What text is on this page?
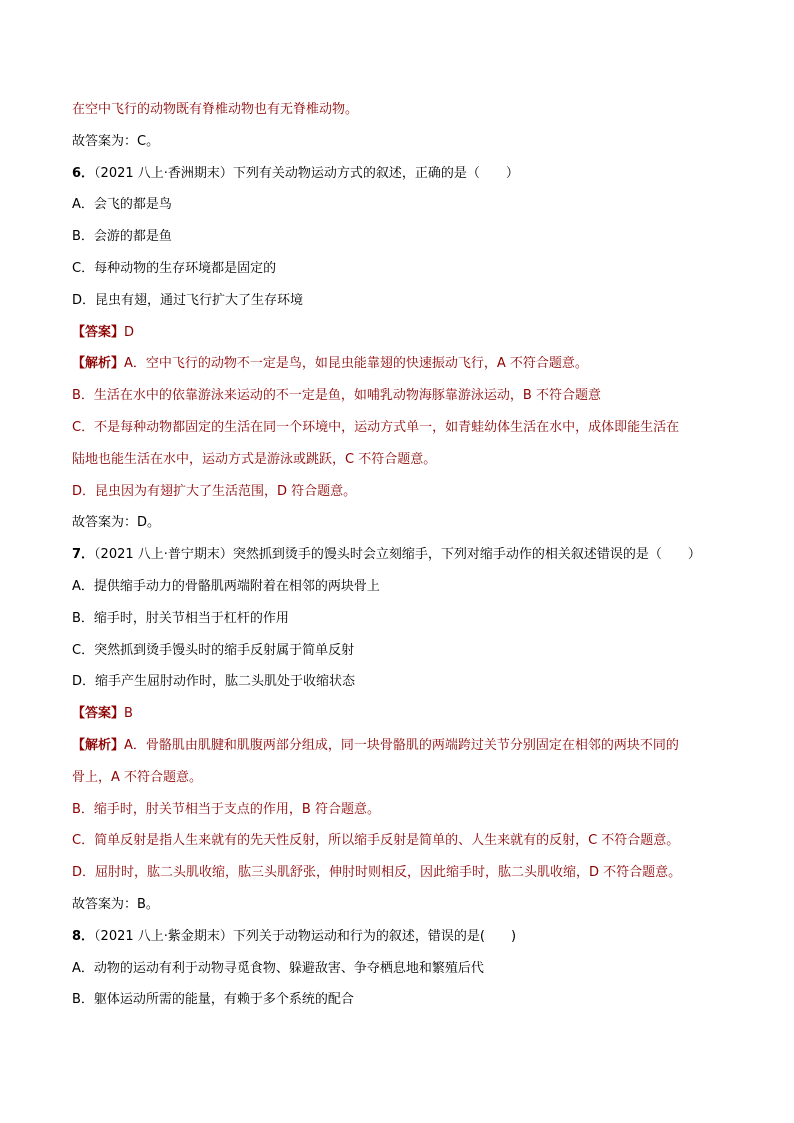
在空中飞行的动物既有脊椎动物也有无脊椎动物。
故答案为：C。
6．（2021 八上·香洲期末）下列有关动物运动方式的叙述，正确的是（　　）
A．会飞的都是鸟
B．会游的都是鱼
C．每种动物的生存环境都是固定的
D．昆虫有翅，通过飞行扩大了生存环境
【答案】D
【解析】A．空中飞行的动物不一定是鸟，如昆虫能靠翅的快速振动飞行，A 不符合题意。
B．生活在水中的依靠游泳来运动的不一定是鱼，如哺乳动物海豚靠游泳运动，B 不符合题意
C．不是每种动物都固定的生活在同一个环境中，运动方式单一，如青蛙幼体生活在水中，成体即能生活在
陆地也能生活在水中，运动方式是游泳或跳跃，C 不符合题意。
D．昆虫因为有翅扩大了生活范围，D 符合题意。
故答案为：D。
7．（2021 八上·普宁期末）突然抓到烫手的馒头时会立刻缩手，下列对缩手动作的相关叙述错误的是（　　）
A．提供缩手动力的骨骼肌两端附着在相邻的两块骨上
B．缩手时，肘关节相当于杠杆的作用
C．突然抓到烫手馒头时的缩手反射属于简单反射
D．缩手产生屈肘动作时，肱二头肌处于收缩状态
【答案】B
【解析】A．骨骼肌由肌腱和肌腹两部分组成，同一块骨骼肌的两端跨过关节分别固定在相邻的两块不同的
骨上，A 不符合题意。
B．缩手时，肘关节相当于支点的作用，B 符合题意。
C．简单反射是指人生来就有的先天性反射，所以缩手反射是简单的、人生来就有的反射，C 不符合题意。
D．屈肘时，肱二头肌收缩，肱三头肌舒张，伸肘时则相反，因此缩手时，肱二头肌收缩，D 不符合题意。
故答案为：B。
8．（2021 八上·紫金期末）下列关于动物运动和行为的叙述，错误的是(　　)
A．动物的运动有利于动物寻觅食物、躲避敌害、争夺栖息地和繁殖后代
B．躯体运动所需的能量，有赖于多个系统的配合
